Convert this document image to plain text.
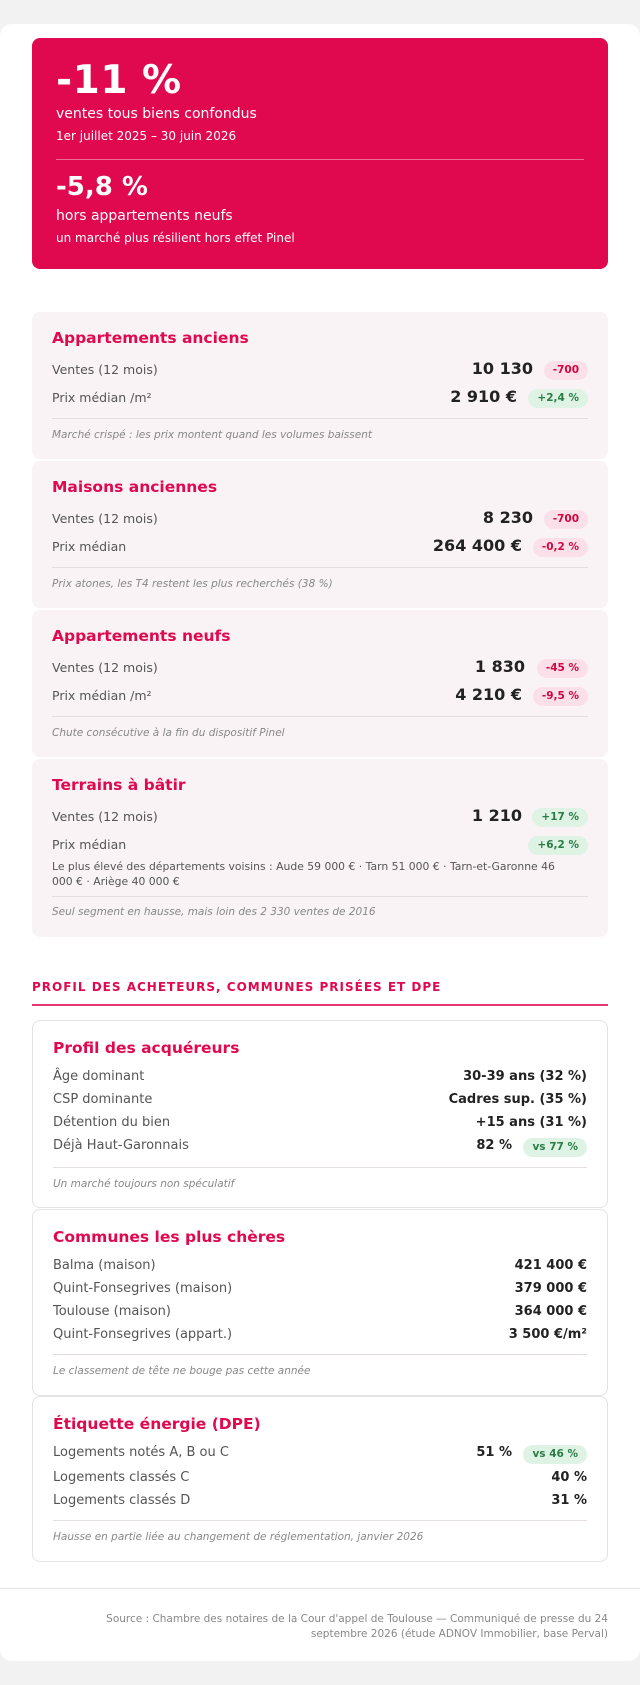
-11 %
ventes tous biens confondus
1er juillet 2025 – 30 juin 2026
-5,8 %
hors appartements neufs
un marché plus résilient hors effet Pinel
Appartements anciens
Ventes (12 mois)	10 130	-700
Prix médian /m²	2 910 €	+2,4 %
Marché crispé : les prix montent quand les volumes baissent
Maisons anciennes
Ventes (12 mois)	8 230	-700
Prix médian	264 400 €	-0,2 %
Prix atones, les T4 restent les plus recherchés (38 %)
Appartements neufs
Ventes (12 mois)	1 830	-45 %
Prix médian /m²	4 210 €	-9,5 %
Chute consécutive à la fin du dispositif Pinel
Terrains à bâtir
Ventes (12 mois)	1 210	+17 %
Prix médian	+6,2 %
Le plus élevé des départements voisins : Aude 59 000 € · Tarn 51 000 € · Tarn-et-Garonne 46 000 € · Ariège 40 000 €
Seul segment en hausse, mais loin des 2 330 ventes de 2016
PROFIL DES ACHETEURS, COMMUNES PRISÉES ET DPE
Profil des acquéreurs
Âge dominant	30-39 ans (32 %)
CSP dominante	Cadres sup. (35 %)
Détention du bien	+15 ans (31 %)
Déjà Haut-Garonnais	82 %	vs 77 %
Un marché toujours non spéculatif
Communes les plus chères
Balma (maison)	421 400 €
Quint-Fonsegrives (maison)	379 000 €
Toulouse (maison)	364 000 €
Quint-Fonsegrives (appart.)	3 500 €/m²
Le classement de tête ne bouge pas cette année
Étiquette énergie (DPE)
Logements notés A, B ou C	51 %	vs 46 %
Logements classés C	40 %
Logements classés D	31 %
Hausse en partie liée au changement de réglementation, janvier 2026
Source : Chambre des notaires de la Cour d'appel de Toulouse — Communiqué de presse du 24 septembre 2026 (étude ADNOV Immobilier, base Perval)
